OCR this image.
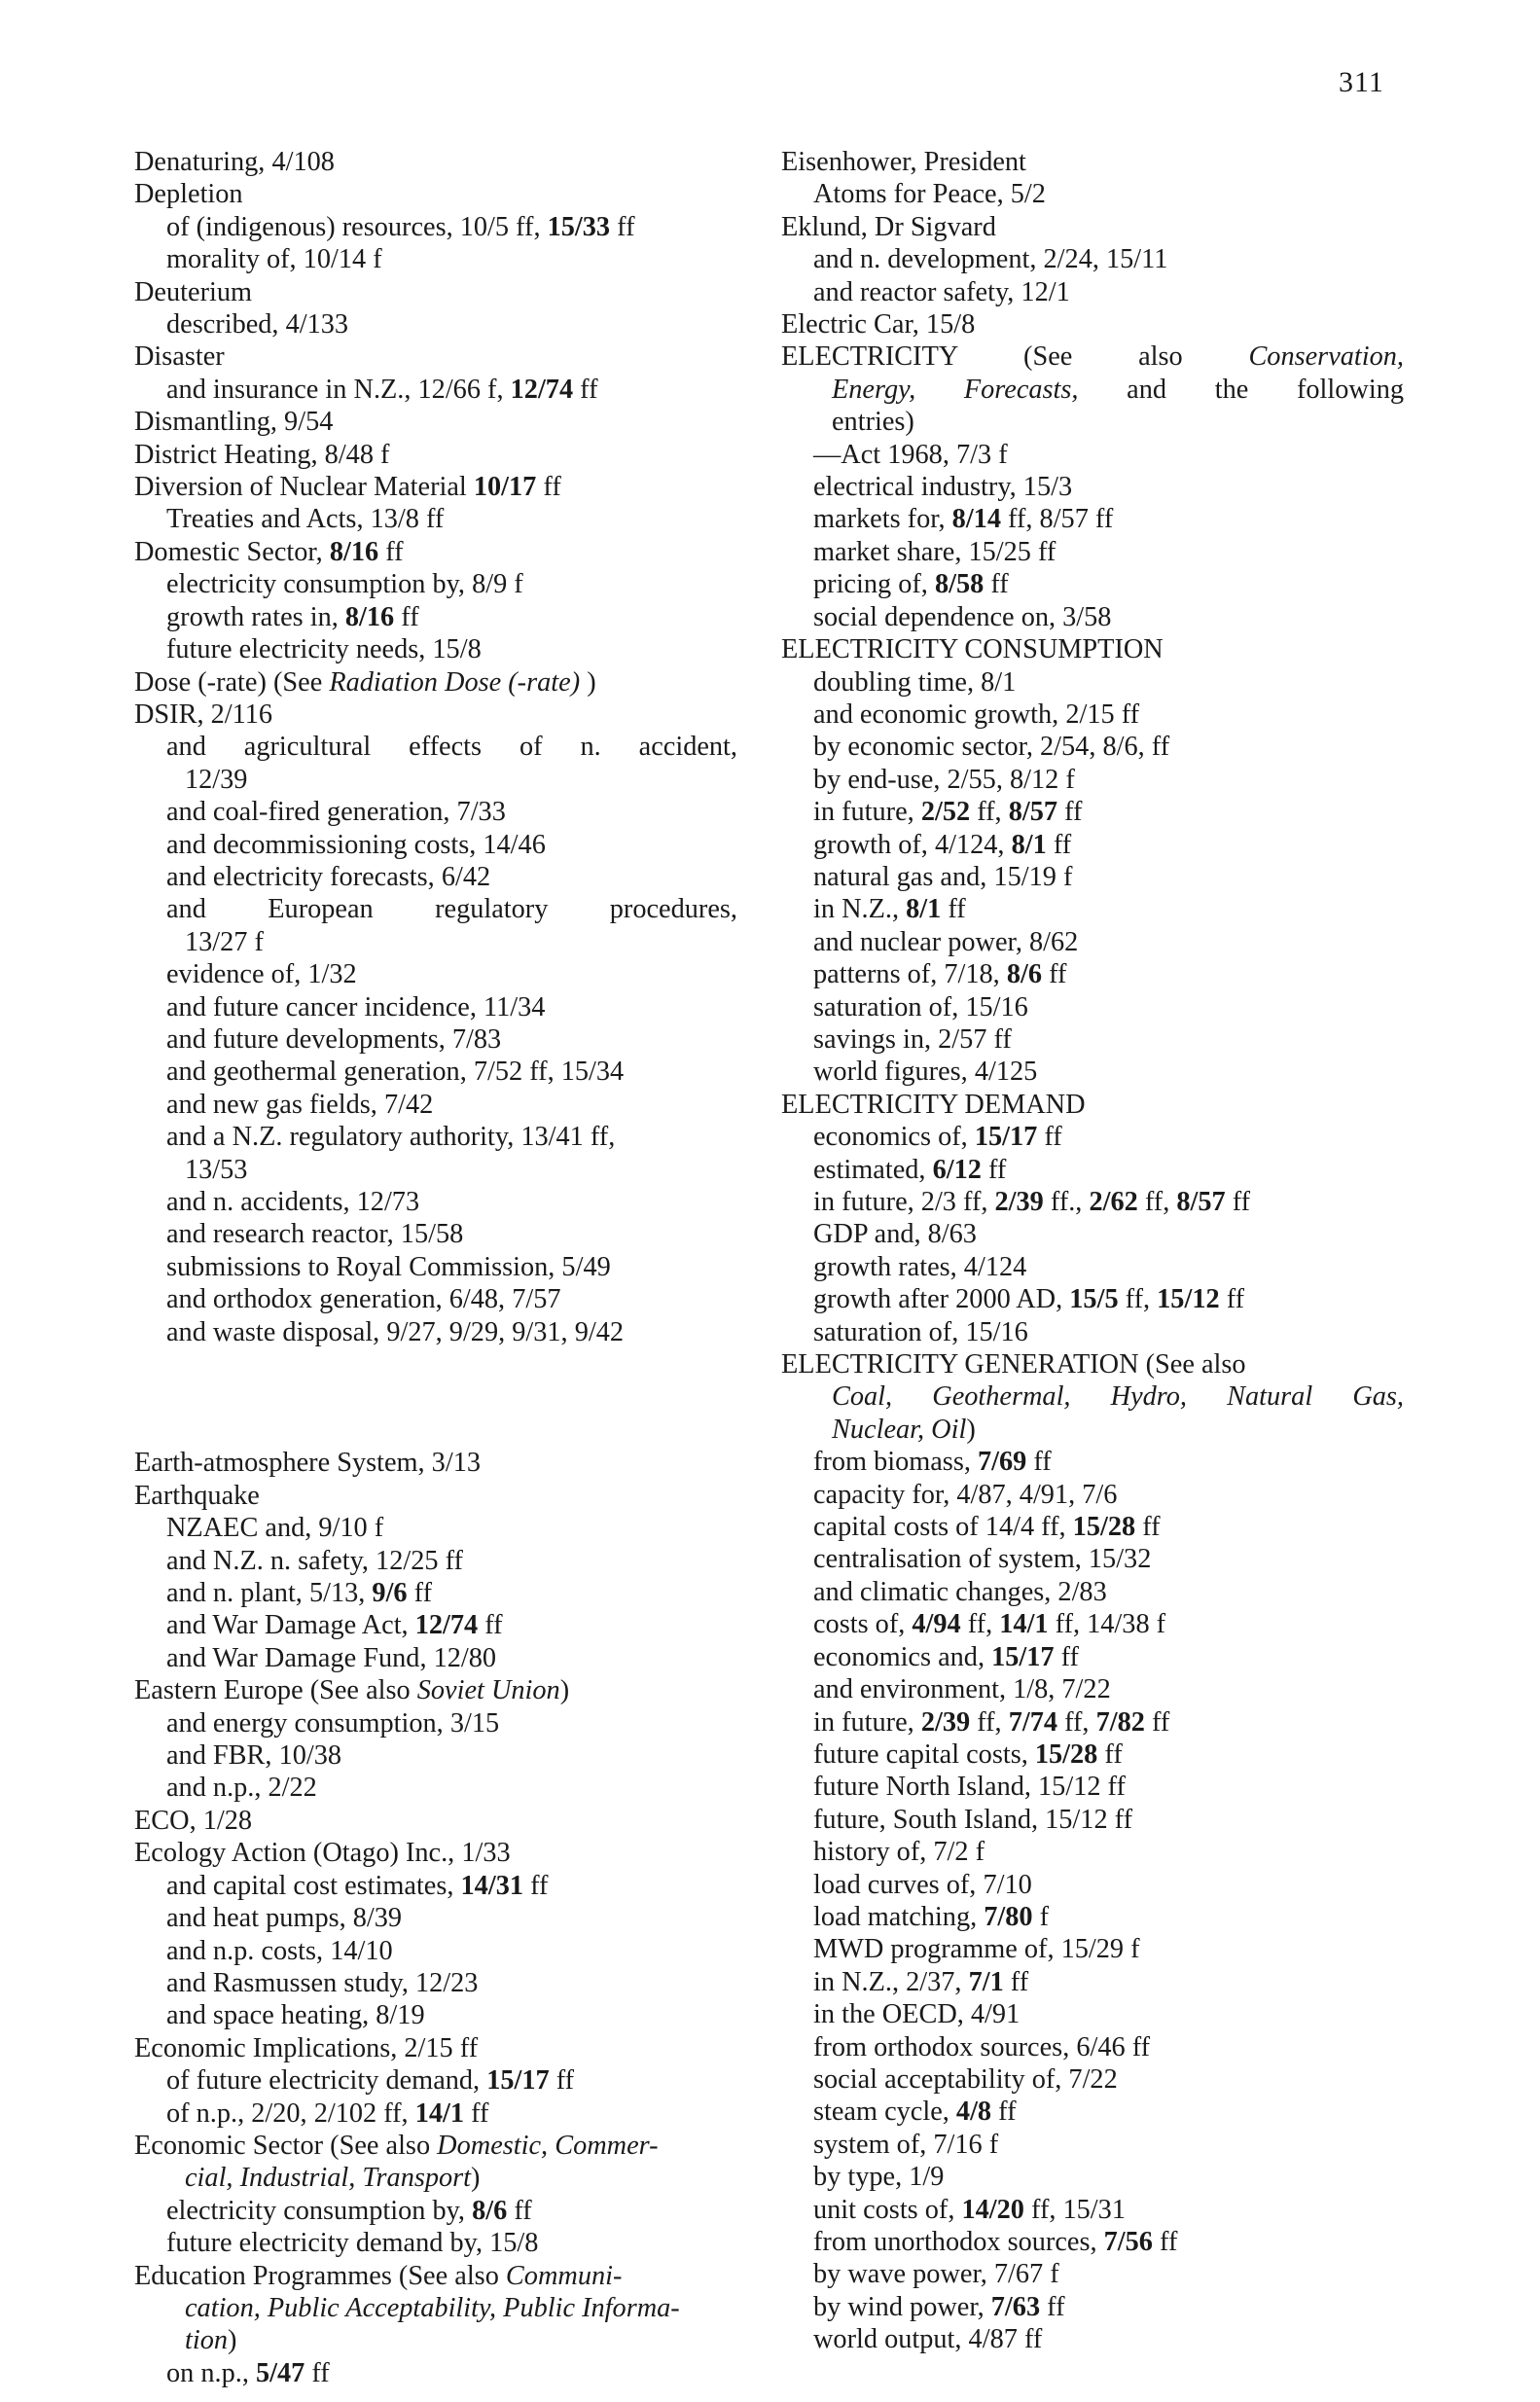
311
Denaturing, 4/108
Depletion
of (indigenous) resources, 10/5 ff, 15/33 ff
morality of, 10/14 f
Deuterium
described, 4/133
Disaster
and insurance in N.Z., 12/66 f, 12/74 ff
Dismantling, 9/54
District Heating, 8/48 f
Diversion of Nuclear Material 10/17 ff
Treaties and Acts, 13/8 ff
Domestic Sector, 8/16 ff
electricity consumption by, 8/9 f
growth rates in, 8/16 ff
future electricity needs, 15/8
Dose (-rate) (See Radiation Dose (-rate) )
DSIR, 2/116
and agricultural effects of n. accident,
12/39
and coal-fired generation, 7/33
and decommissioning costs, 14/46
and electricity forecasts, 6/42
and European regulatory procedures,
13/27 f
evidence of, 1/32
and future cancer incidence, 11/34
and future developments, 7/83
and geothermal generation, 7/52 ff, 15/34
and new gas fields, 7/42
and a N.Z. regulatory authority, 13/41 ff,
13/53
and n. accidents, 12/73
and research reactor, 15/58
submissions to Royal Commission, 5/49
and orthodox generation, 6/48, 7/57
and waste disposal, 9/27, 9/29, 9/31, 9/42
Earth-atmosphere System, 3/13
Earthquake
NZAEC and, 9/10 f
and N.Z. n. safety, 12/25 ff
and n. plant, 5/13, 9/6 ff
and War Damage Act, 12/74 ff
and War Damage Fund, 12/80
Eastern Europe (See also Soviet Union)
and energy consumption, 3/15
and FBR, 10/38
and n.p., 2/22
ECO, 1/28
Ecology Action (Otago) Inc., 1/33
and capital cost estimates, 14/31 ff
and heat pumps, 8/39
and n.p. costs, 14/10
and Rasmussen study, 12/23
and space heating, 8/19
Economic Implications, 2/15 ff
of future electricity demand, 15/17 ff
of n.p., 2/20, 2/102 ff, 14/1 ff
Economic Sector (See also Domestic, Commer-
cial, Industrial, Transport)
electricity consumption by, 8/6 ff
future electricity demand by, 15/8
Education Programmes (See also Communi-
cation, Public Acceptability, Public Informa-
tion)
on n.p., 5/47 ff
Eisenhower, President
Atoms for Peace, 5/2
Eklund, Dr Sigvard
and n. development, 2/24, 15/11
and reactor safety, 12/1
Electric Car, 15/8
ELECTRICITY (See also Conservation,
Energy, Forecasts, and the following
entries)
—Act 1968, 7/3 f
electrical industry, 15/3
markets for, 8/14 ff, 8/57 ff
market share, 15/25 ff
pricing of, 8/58 ff
social dependence on, 3/58
ELECTRICITY CONSUMPTION
doubling time, 8/1
and economic growth, 2/15 ff
by economic sector, 2/54, 8/6, ff
by end-use, 2/55, 8/12 f
in future, 2/52 ff, 8/57 ff
growth of, 4/124, 8/1 ff
natural gas and, 15/19 f
in N.Z., 8/1 ff
and nuclear power, 8/62
patterns of, 7/18, 8/6 ff
saturation of, 15/16
savings in, 2/57 ff
world figures, 4/125
ELECTRICITY DEMAND
economics of, 15/17 ff
estimated, 6/12 ff
in future, 2/3 ff, 2/39 ff., 2/62 ff, 8/57 ff
GDP and, 8/63
growth rates, 4/124
growth after 2000 AD, 15/5 ff, 15/12 ff
saturation of, 15/16
ELECTRICITY GENERATION (See also
Coal, Geothermal, Hydro, Natural Gas,
Nuclear, Oil)
from biomass, 7/69 ff
capacity for, 4/87, 4/91, 7/6
capital costs of 14/4 ff, 15/28 ff
centralisation of system, 15/32
and climatic changes, 2/83
costs of, 4/94 ff, 14/1 ff, 14/38 f
economics and, 15/17 ff
and environment, 1/8, 7/22
in future, 2/39 ff, 7/74 ff, 7/82 ff
future capital costs, 15/28 ff
future North Island, 15/12 ff
future, South Island, 15/12 ff
history of, 7/2 f
load curves of, 7/10
load matching, 7/80 f
MWD programme of, 15/29 f
in N.Z., 2/37, 7/1 ff
in the OECD, 4/91
from orthodox sources, 6/46 ff
social acceptability of, 7/22
steam cycle, 4/8 ff
system of, 7/16 f
by type, 1/9
unit costs of, 14/20 ff, 15/31
from unorthodox sources, 7/56 ff
by wave power, 7/67 f
by wind power, 7/63 ff
world output, 4/87 ff
